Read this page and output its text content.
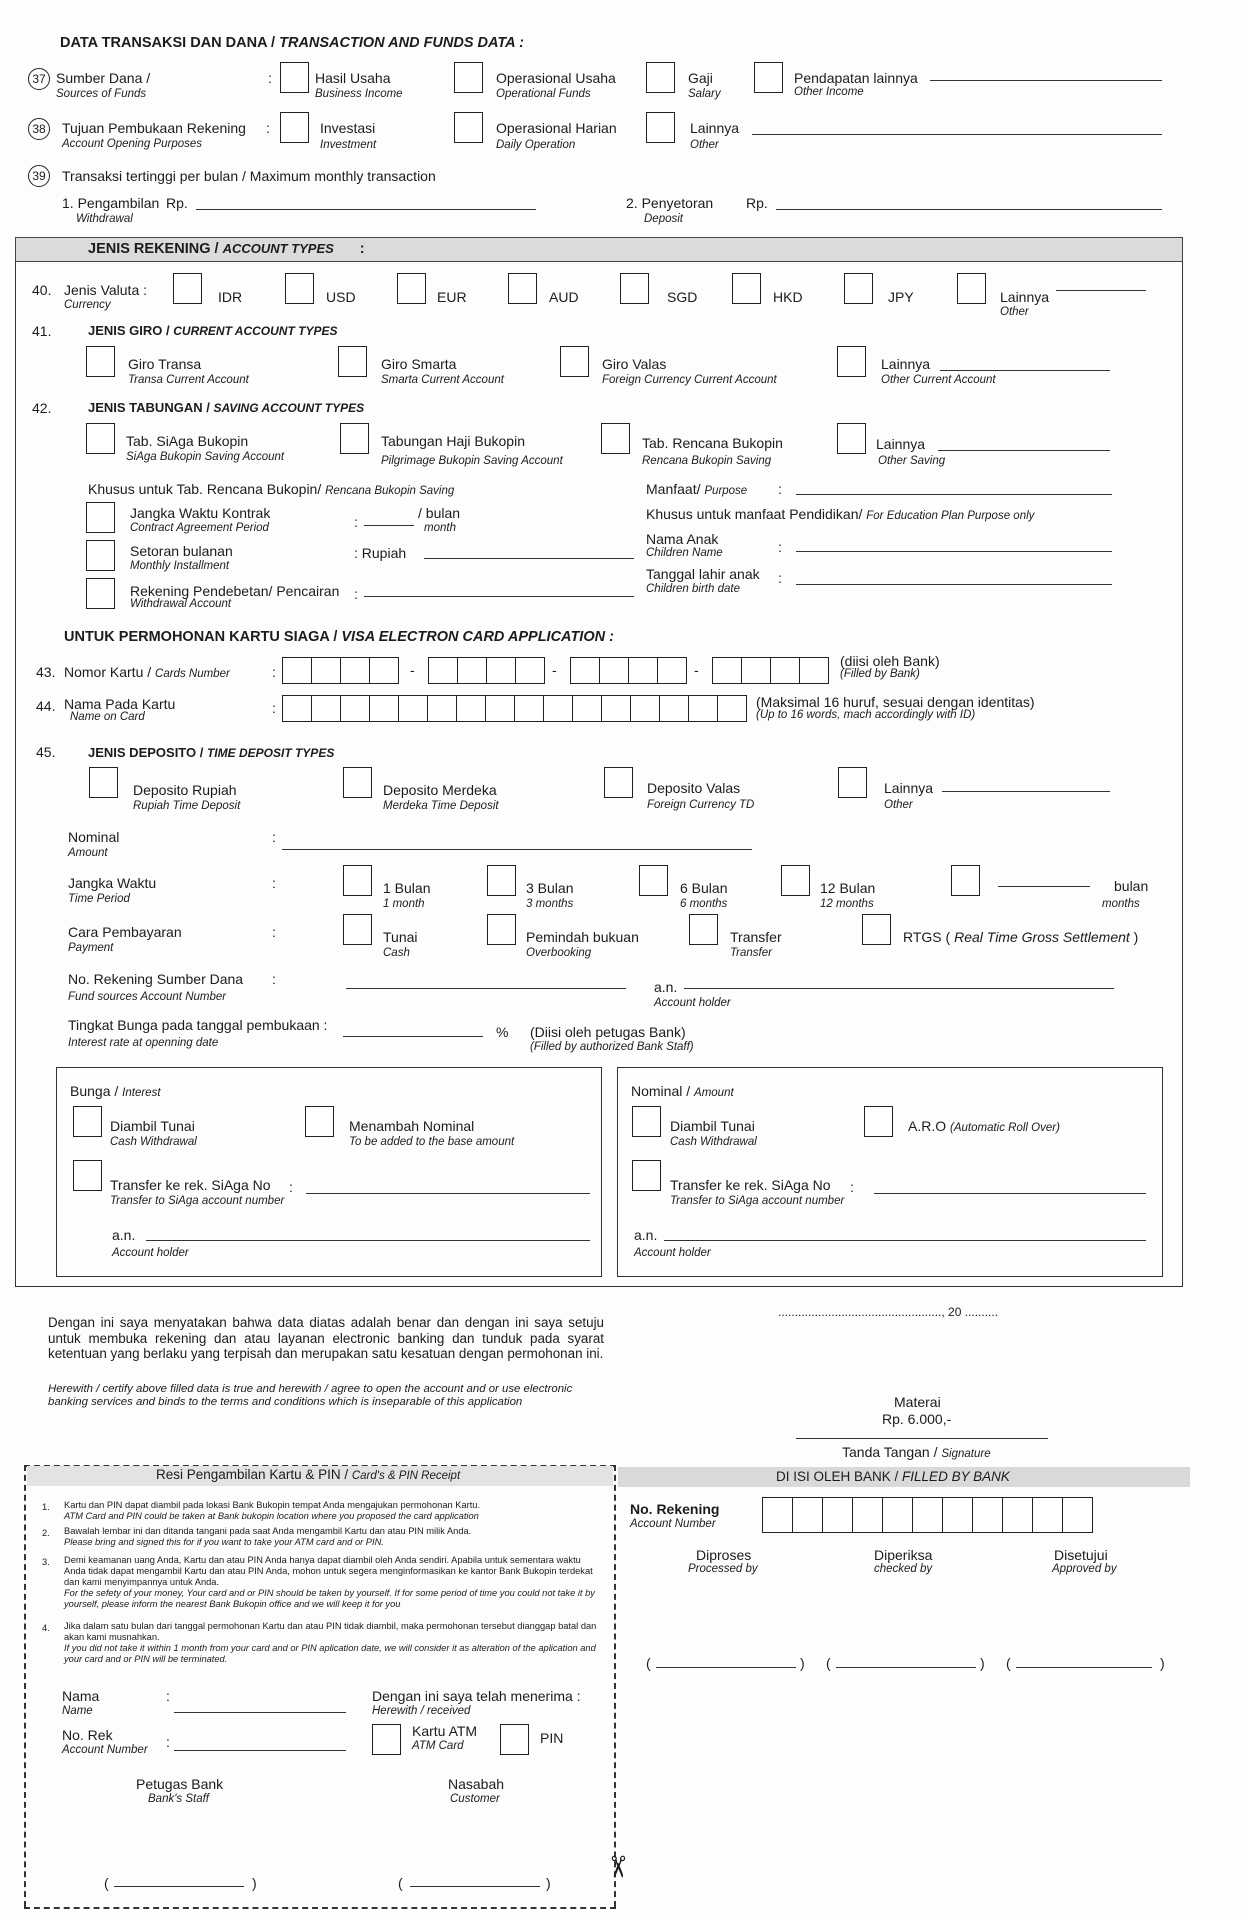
DATA TRANSAKSI DAN DANA / TRANSACTION AND FUNDS DATA :
37 Sumber Dana /
Sources of Funds
:	Hasil Usaha
Business Income
Operasional Usaha
Operational Funds
Gaji
Salary
Pendapatan lainnya
Other Income
38	Tujuan Pembukaan Rekening
Account Opening Purposes
:	Investasi
Investment
Operasional Harian
Daily Operation
Lainnya
Other
39	Transaksi tertinggi per bulan / Maximum monthly transaction
1. Pengambilan Rp.
Withdrawal
2. Penyetoran Rp.
Deposit
JENIS REKENING / ACCOUNT TYPES :
40. Jenis Valuta :
Currency	IDR	USD	EUR	AUD	SGD	HKD	JPY	Lainnya
Other
41.	JENIS GIRO / CURRENT ACCOUNT TYPES
Giro Transa
Transa Current Account
Giro Smarta
Smarta Current Account
Giro Valas
Foreign Currency Current Account
Lainnya
Other Current Account
42.	JENIS TABUNGAN / SAVING ACCOUNT TYPES
Tab. SiAga Bukopin
SiAga Bukopin Saving Account
Tabungan Haji Bukopin
Pilgrimage Bukopin Saving Account
Tab. Rencana Bukopin
Rencana Bukopin Saving
Lainnya
Other Saving
Khusus untuk Tab. Rencana Bukopin/ Rencana Bukopin Saving
Jangka Waktu Kontrak
Contract Agreement Period	:
/ bulan
month
Setoran bulanan
Monthly Installment
: Rupiah
Rekening Pendebetan/ Pencairan
Withdrawal Account
:
Manfaat/ Purpose :
Khusus untuk manfaat Pendidikan/ For Education Plan Purpose only
Nama Anak
Children Name	:
Tanggal lahir anak
Children birth date
:
UNTUK PERMOHONAN KARTU SIAGA / VISA ELECTRON CARD APPLICATION :
43. Nomor Kartu / Cards Number	:	-	-	-
(diisi oleh Bank)
(Filled by Bank)
44. Nama Pada Kartu
Name on Card
:	(Maksimal 16 huruf, sesuai dengan identitas)
(Up to 16 words, mach accordingly with ID)
45.	JENIS DEPOSITO / TIME DEPOSIT TYPES
Deposito Rupiah
Rupiah Time Deposit
Deposito Merdeka
Merdeka Time Deposit
Deposito Valas
Foreign Currency TD
Lainnya
Other
Nominal
Amount
:
Jangka Waktu
Time Period
:	1 Bulan
1 month
3 Bulan
3 months
6 Bulan
6 months
12 Bulan
12 months
bulan
months
Cara Pembayaran
Payment
:	Tunai
Cash
Pemindah bukuan
Overbooking
Transfer
Transfer
RTGS ( Real Time Gross Settlement )
No. Rekening Sumber Dana
Fund sources Account Number
:	a.n.
Account holder
Tingkat Bunga pada tanggal pembukaan :
Interest rate at openning date
% (Diisi oleh petugas Bank)
(Filled by authorized Bank Staff)
Bunga / Interest
Diambil Tunai
Cash Withdrawal
Menambah Nominal
To be added to the base amount
Transfer ke rek. SiAga No
Transfer to SiAga account number
:
a.n.
Account holder
Nominal / Amount
Diambil Tunai
Cash Withdrawal
A.R.O (Automatic Roll Over)
Transfer ke rek. SiAga No
Transfer to SiAga account number
:
a.n.
Account holder
Dengan ini saya menyatakan bahwa data diatas adalah benar dan dengan ini saya setuju untuk membuka rekening dan atau layanan electronic banking dan tunduk pada syarat ketentuan yang berlaku yang terpisah dan merupakan satu kesatuan dengan permohonan ini.
Herewith / certify above filled data is true and herewith / agree to open the account and or use electronic banking services and binds to the terms and conditions which is inseparable of this application
................................................., 20 ..........
Materai
Rp. 6.000,-
Tanda Tangan / Signature
Resi Pengambilan Kartu & PIN / Card's & PIN Receipt
1. Kartu dan PIN dapat diambil pada lokasi Bank Bukopin tempat Anda mengajukan permohonan Kartu.
ATM Card and PIN could be taken at Bank bukopin location where you proposed the card application
2. Bawalah lembar ini dan ditanda tangani pada saat Anda mengambil Kartu dan atau PIN milik Anda.
Please bring and signed this for if you want to take your ATM card and or PIN.
3. Demi keamanan uang Anda, Kartu dan atau PIN Anda hanya dapat diambil oleh Anda sendiri. Apabila untuk sementara waktu Anda tidak dapat mengambil Kartu dan atau PIN Anda, mohon untuk segera menginformasikan ke kantor Bank Bukopin terdekat dan kami menyimpannya untuk Anda.
For the sefety of your money, Your card and or PIN should be taken by yourself. If for some period of time you could not take it by yourself, please inform the nearest Bank Bukopin office and we will keep it for you
4. Jika dalam satu bulan dari tanggal permohonan Kartu dan atau PIN tidak diambil, maka permohonan tersebut dianggap batal dan akan kami musnahkan.
If you did not take it within 1 month from your card and or PIN aplication date, we will consider it as alteration of the aplication and your card and or PIN will be terminated.
Nama
Name
:
No. Rek
Account Number :
Dengan ini saya telah menerima :
Herewith / received
Kartu ATM
ATM Card	PIN
Petugas Bank
Bank's Staff
Nasabah
Customer
(	)	(	)
✂
DI ISI OLEH BANK / FILLED BY BANK
No. Rekening
Account Number
Diproses
Processed by
Diperiksa
checked by
Disetujui
Approved by
(	) (	) (	)
